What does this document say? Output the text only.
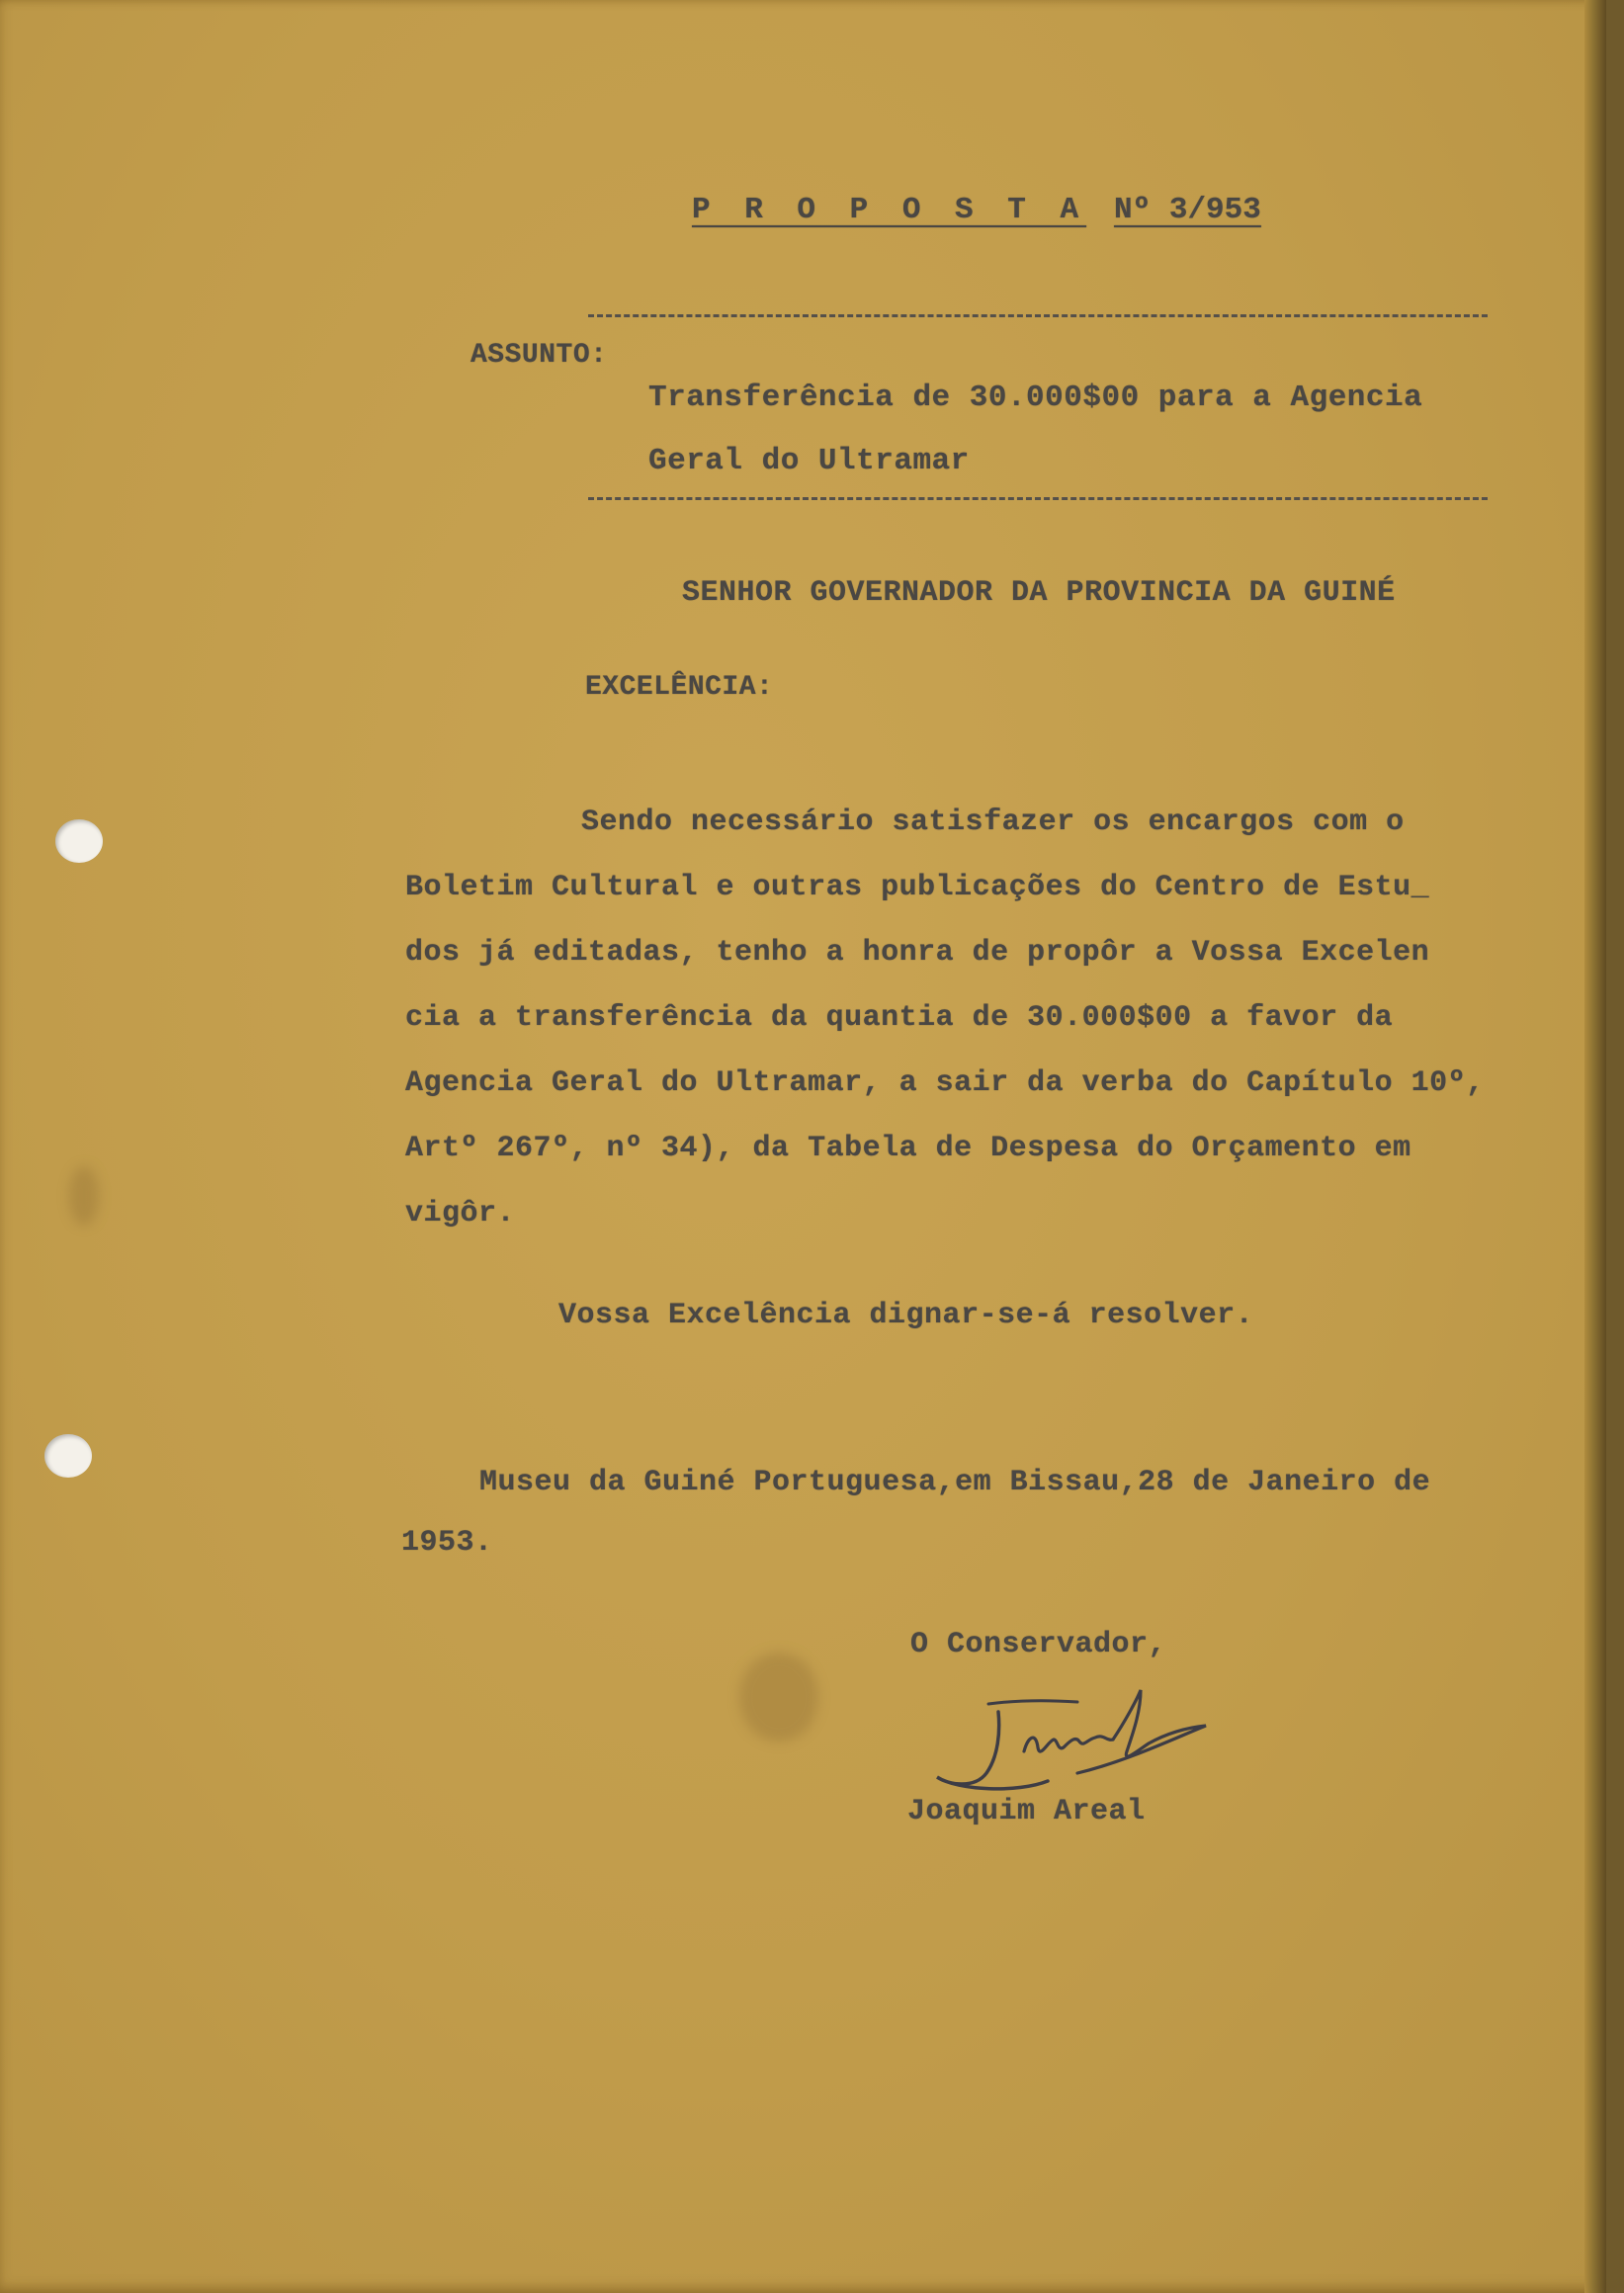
P R O P O S T A Nº 3/953
ASSUNTO:
Transferência de 30.000$00 para a Agencia
Geral do Ultramar
SENHOR GOVERNADOR DA PROVINCIA DA GUINÉ
EXCELÊNCIA:
Sendo necessário satisfazer os encargos com o
Boletim Cultural e outras publicações do Centro de Estu_
dos já editadas, tenho a honra de propôr a Vossa Excelen
cia a transferência da quantia de 30.000$00 a favor da
Agencia Geral do Ultramar, a sair da verba do Capítulo 10º,
Artº 267º, nº 34), da Tabela de Despesa do Orçamento em
vigôr.
Vossa Excelência dignar-se-á resolver.
Museu da Guiné Portuguesa,em Bissau,28 de Janeiro de
1953.
O Conservador,
Joaquim Areal
